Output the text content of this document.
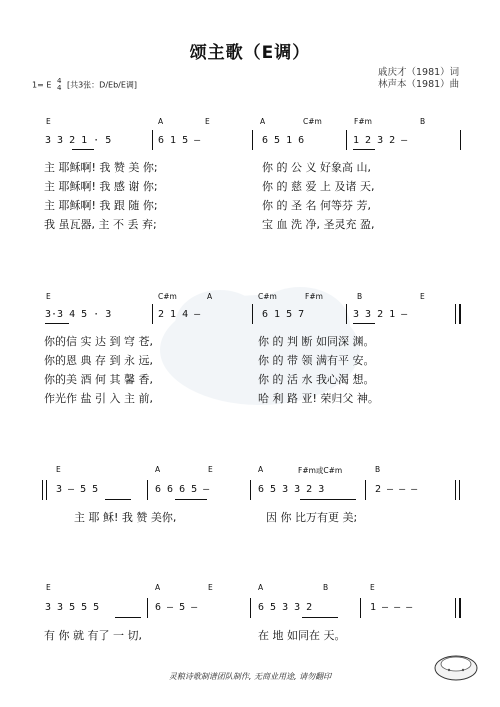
颂主歌（E调）
戚庆才（1981）词
林声本（1981）曲
1= E 4
4 [共3张：D/Eb/E调]
E	A	E	A	C#m	F#m	B
3 3 2 1 · 5	6 1 5 –	6 5 1 6	1 2 3 2 –
主 耶稣啊! 我 赞 美 你;	你 的 公 义 好象高 山,
主 耶稣啊! 我 感 谢 你;	你 的 慈 爱 上 及诸 天,
主 耶稣啊! 我 跟 随 你;	你 的 圣 名 何等芬 芳,
我 虽瓦器, 主 不 丢 弃;	宝 血 洗 净, 圣灵充 盈,
E	C#m	A	C#m	F#m	B	E
3·3 4 5 · 3	2 1 4 –	6 1 5 7	3 3 2 1 –
你的信 实 达 到 穹 苍,	你 的 判 断 如同深 渊。
你的恩 典 存 到 永 远,	你 的 带 领 满有平 安。
你的美 酒 何 其 馨 香,	你 的 活 水 我心渴 想。
作光作 盐 引 入 主 前,	哈 利 路 亚! 荣归父 神。
E	A	E	A	F#m或C#m	B
3 – 5 5	6 6 6 5 –	6 5 3 3 2 3	2 – – –
主 耶 稣! 我 赞 美你,	因 你 比万有更 美;
E	A	E	A	B	E
3 3 5 5 5	6 – 5 –	6 5 3 3 2	1 – – –
有 你 就 有了 一 切,	在 地 如同在 天。
灵粮诗歌制谱团队制作, 无商业用途, 请勿翻印
